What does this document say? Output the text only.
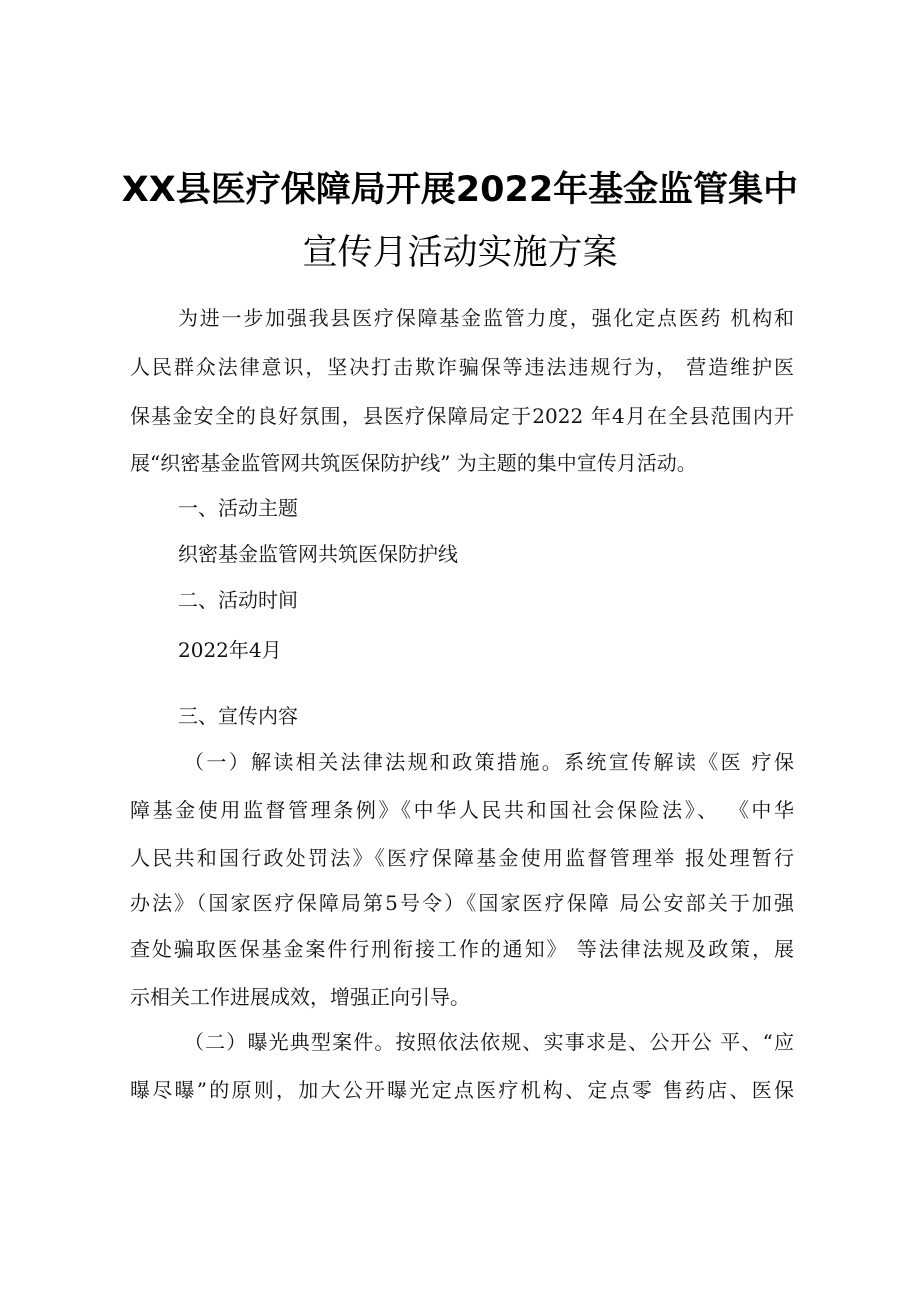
XX县医疗保障局开展2022年基金监管集中
宣传月活动实施方案
为进一步加强我县医疗保障基金监管力度，强化定点医药 机构和
人民群众法律意识，坚决打击欺诈骗保等违法违规行为， 营造维护医
保基金安全的良好氛围，县医疗保障局定于2022 年4月在全县范围内开
展“织密基金监管网共筑医保防护线” 为主题的集中宣传月活动。
一、活动主题
织密基金监管网共筑医保防护线
二、活动时间
2022年4月
三、宣传内容
（一）解读相关法律法规和政策措施。系统宣传解读《医 疗保
障基金使用监督管理条例》《中华人民共和国社会保险法》、 《中华
人民共和国行政处罚法》《医疗保障基金使用监督管理举 报处理暂行
办法》（国家医疗保障局第5号令）《国家医疗保障 局公安部关于加强
查处骗取医保基金案件行刑衔接工作的通知》 等法律法规及政策，展
示相关工作进展成效，增强正向引导。
（二）曝光典型案件。按照依法依规、实事求是、公开公 平、“应
曝尽曝”的原则，加大公开曝光定点医疗机构、定点零 售药店、医保
